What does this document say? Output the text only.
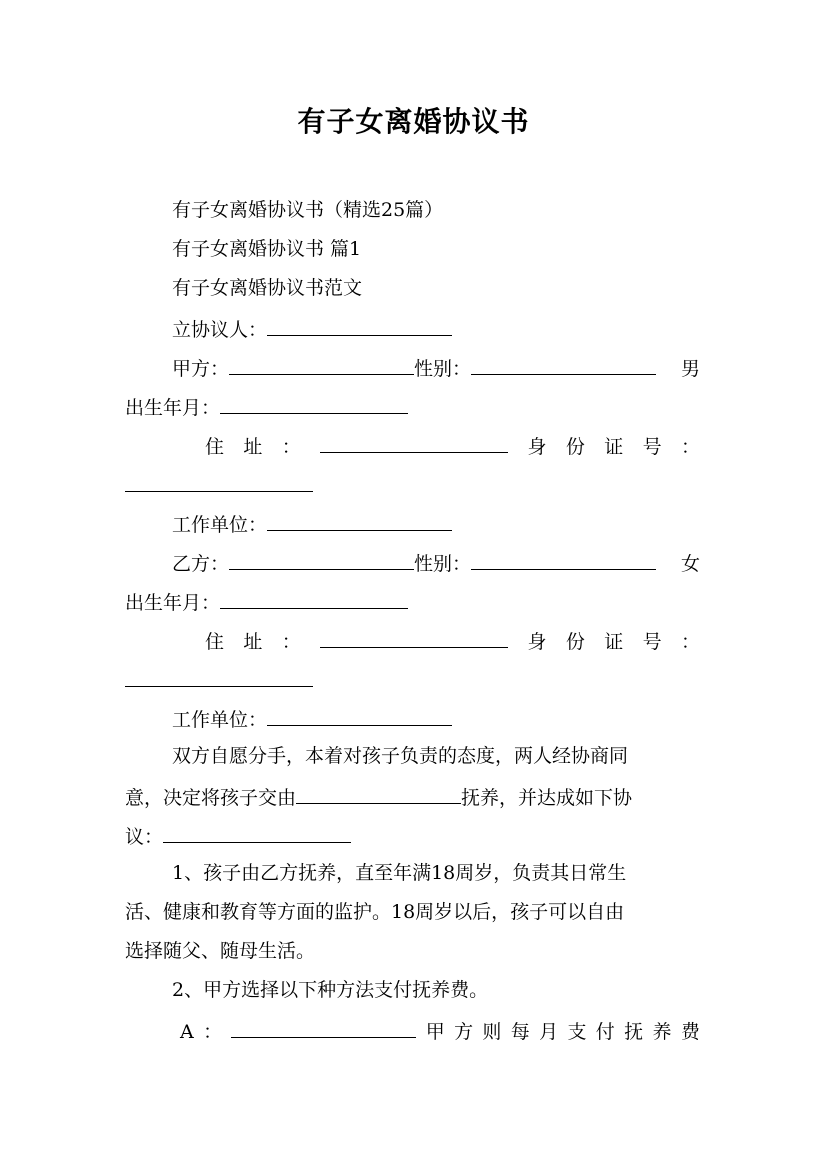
有子女离婚协议书
有子女离婚协议书（精选25篇）
有子女离婚协议书 篇1
有子女离婚协议书范文
立协议人：
甲方：	性别：	男
出生年月：
住 址 ：	身 份 证 号 ：
工作单位：
乙方：	性别：	女
出生年月：
住 址 ：	身 份 证 号 ：
工作单位：
双方自愿分手，本着对孩子负责的态度，两人经协商同
意，决定将孩子交由	抚养，并达成如下协
议：
1、孩子由乙方抚养，直至年满18周岁，负责其日常生
活、健康和教育等方面的监护。18周岁以后，孩子可以自由
选择随父、随母生活。
2、甲方选择以下种方法支付抚养费。
A ：	甲 方 则 每 月 支 付 抚 养 费
